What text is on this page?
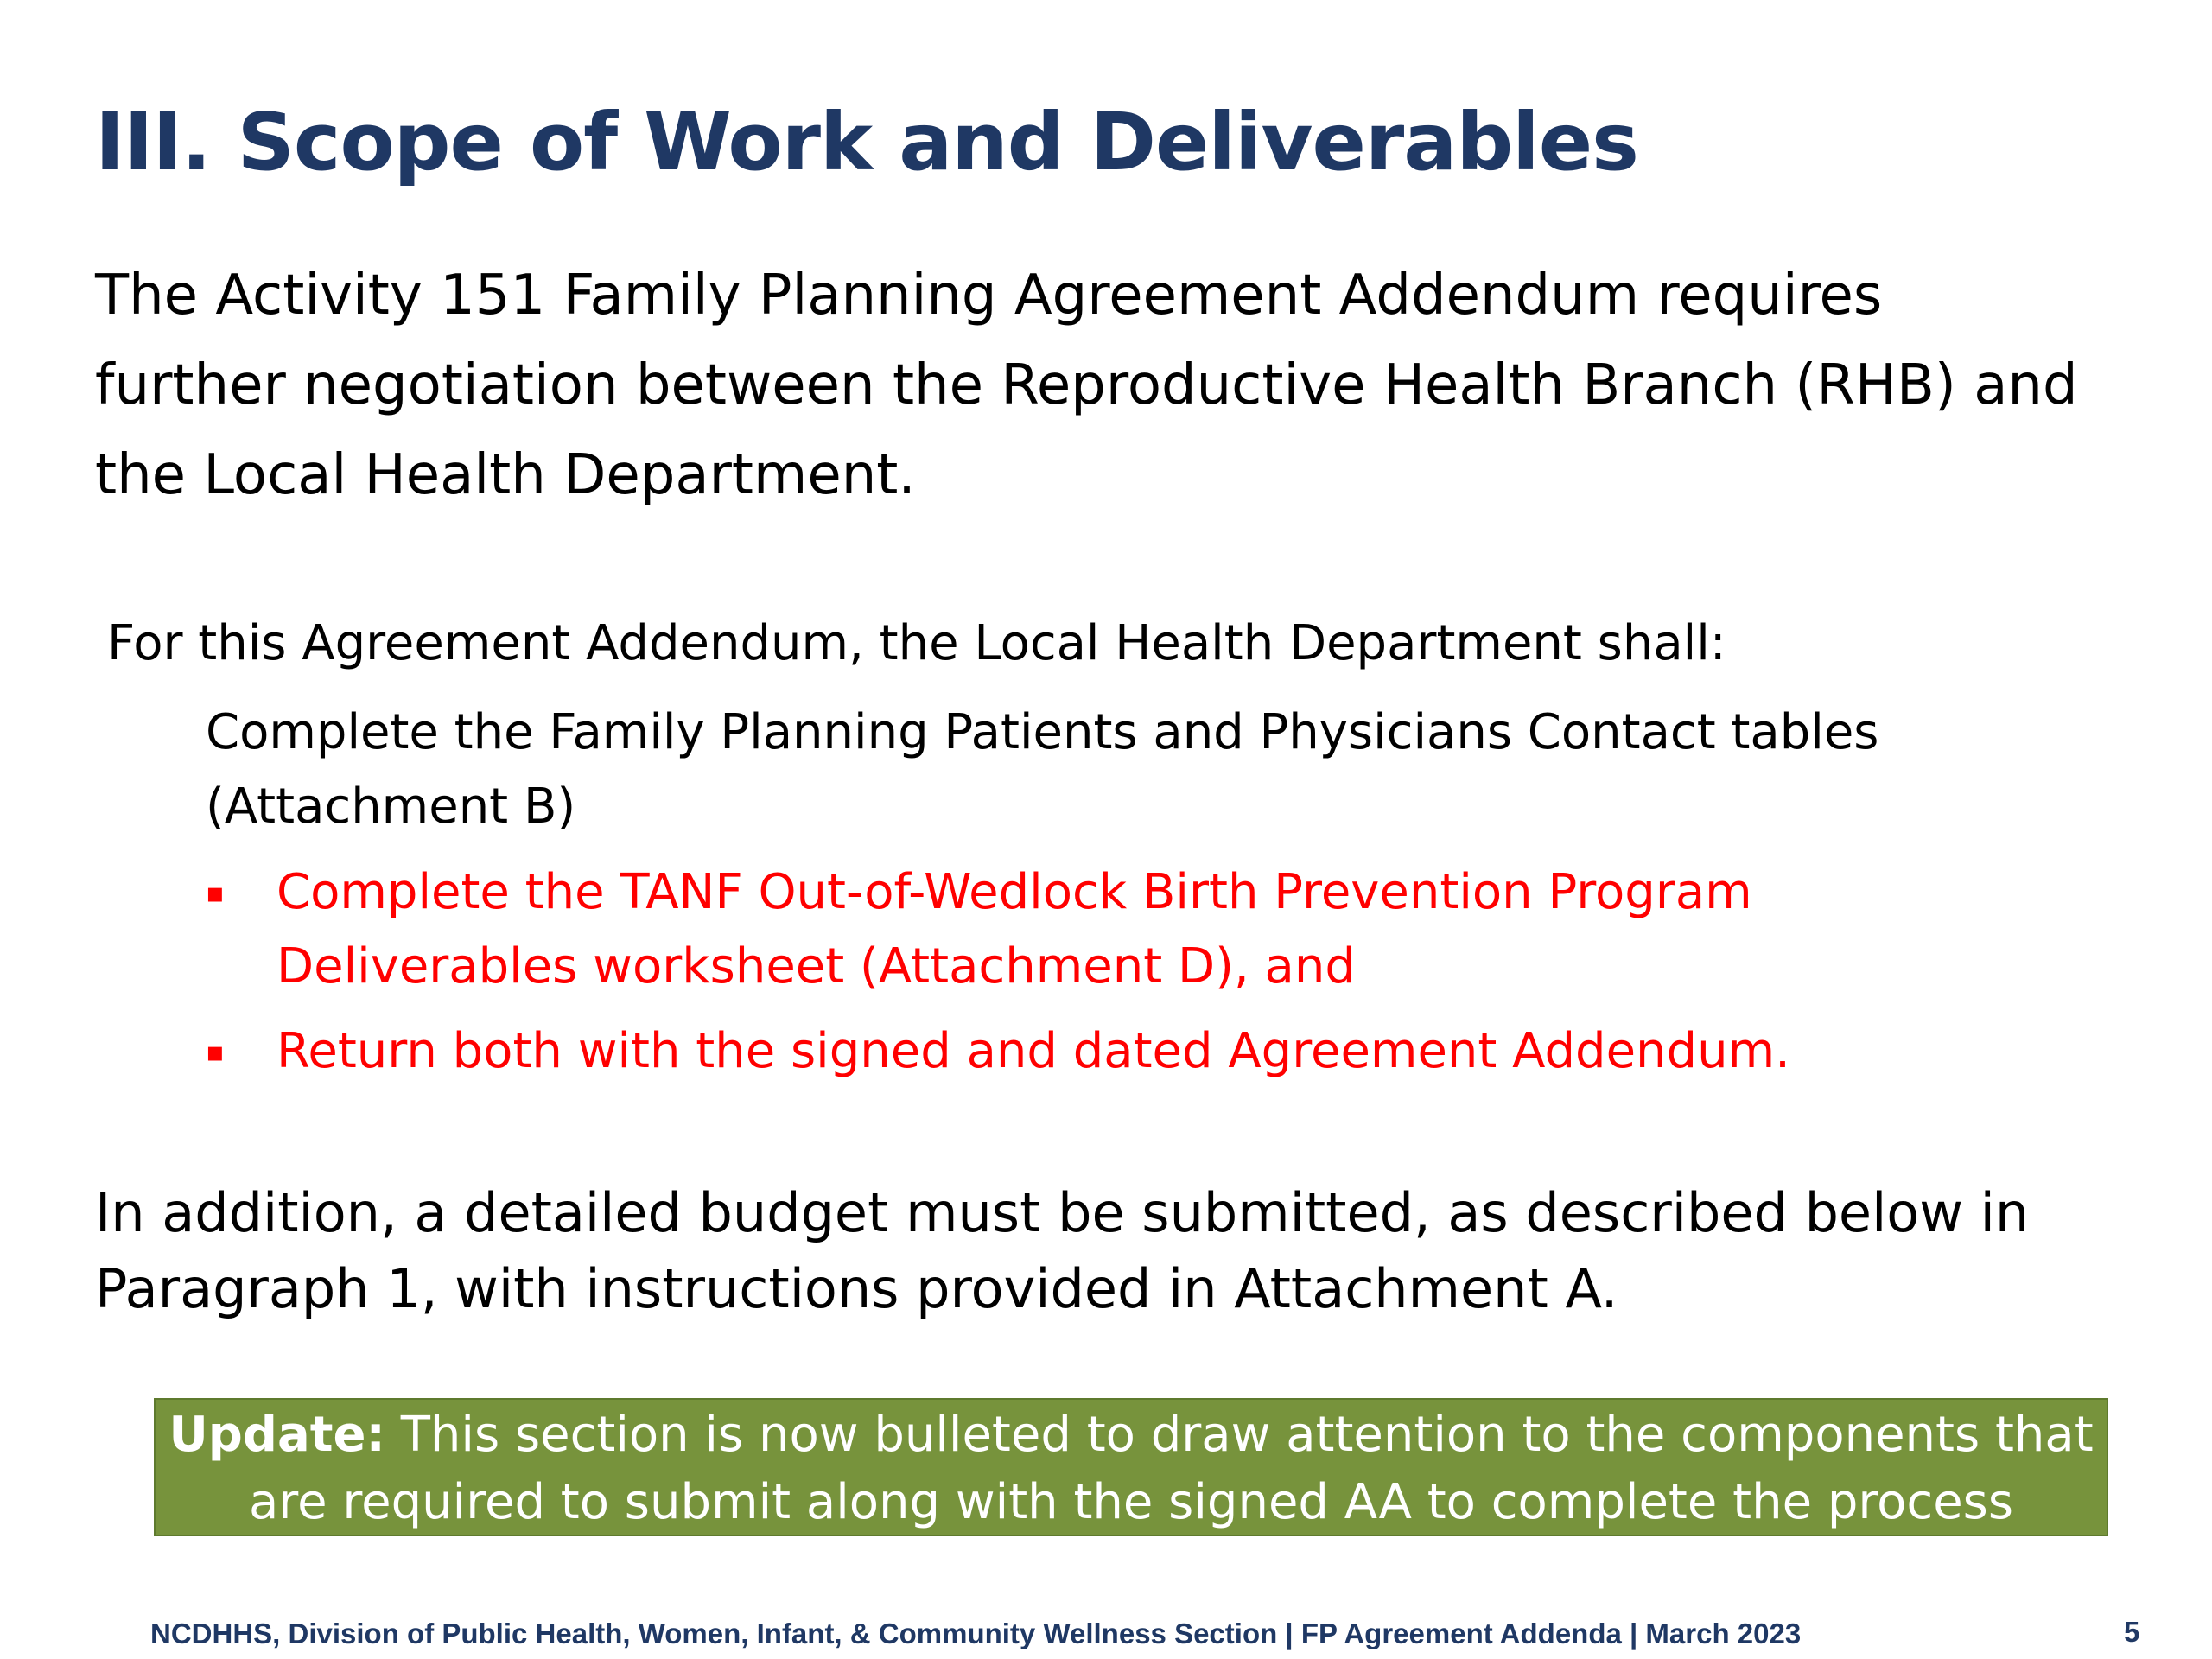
III. Scope of Work and Deliverables
The Activity 151 Family Planning Agreement Addendum requires further negotiation between the Reproductive Health Branch (RHB) and the Local Health Department.
For this Agreement Addendum, the Local Health Department shall:
Complete the Family Planning Patients and Physicians Contact tables (Attachment B)
▪ Complete the TANF Out-of-Wedlock Birth Prevention Program Deliverables worksheet (Attachment D), and
▪ Return both with the signed and dated Agreement Addendum.
In addition, a detailed budget must be submitted, as described below in Paragraph 1, with instructions provided in Attachment A.
Update: This section is now bulleted to draw attention to the components that are required to submit along with the signed AA to complete the process
NCDHHS, Division of Public Health, Women, Infant, & Community Wellness Section | FP Agreement Addenda | March 2023	5
